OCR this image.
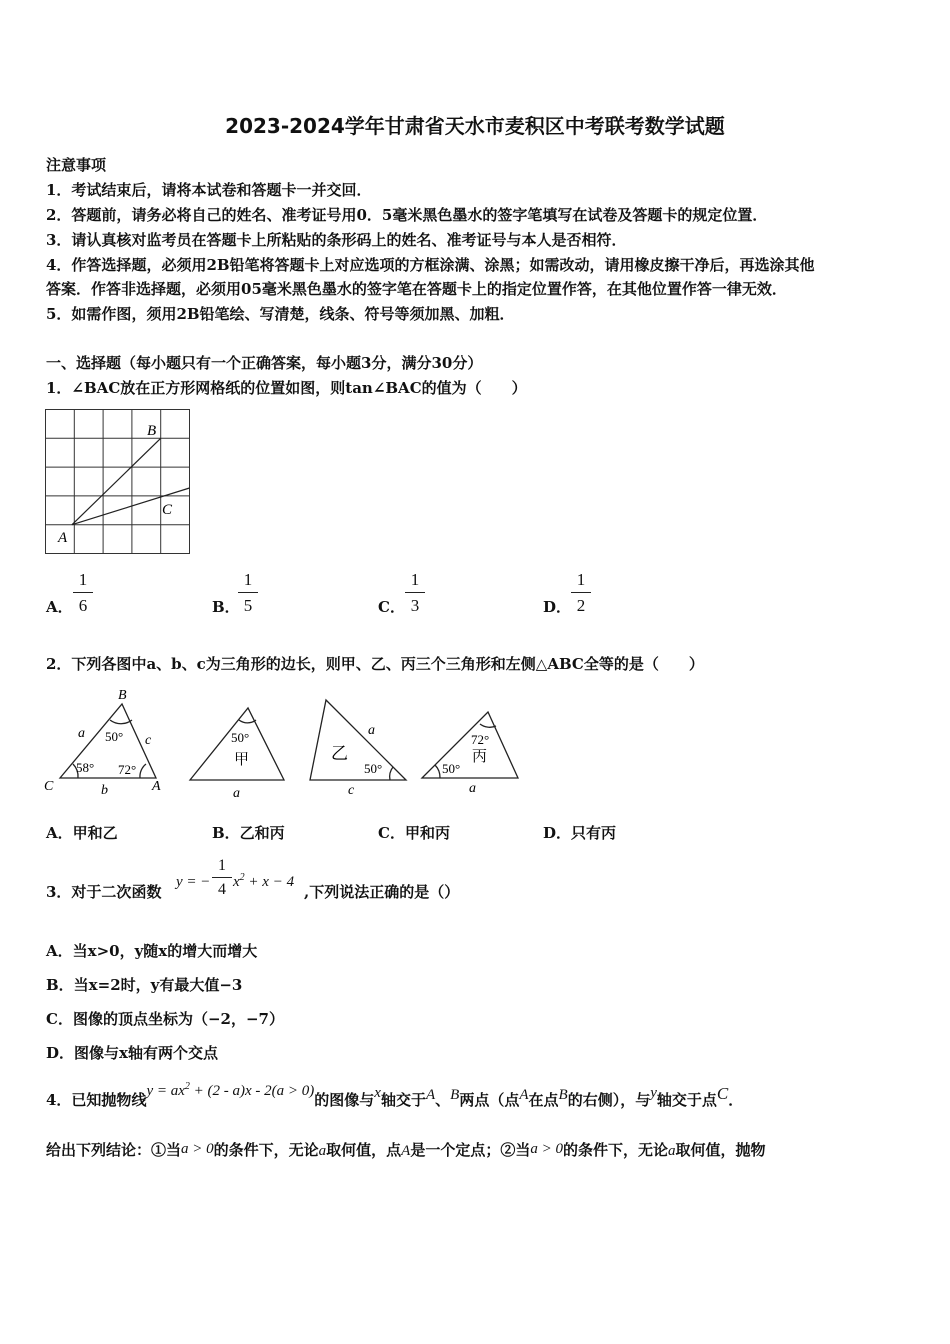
2023-2024学年甘肃省天水市麦积区中考联考数学试题
注意事项
1．考试结束后，请将本试卷和答题卡一并交回．
2．答题前，请务必将自己的姓名、准考证号用0．5毫米黑色墨水的签字笔填写在试卷及答题卡的规定位置．
3．请认真核对监考员在答题卡上所粘贴的条形码上的姓名、准考证号与本人是否相符．
4．作答选择题，必须用2B铅笔将答题卡上对应选项的方框涂满、涂黑；如需改动，请用橡皮擦干净后，再选涂其他
答案．作答非选择题，必须用05毫米黑色墨水的签字笔在答题卡上的指定位置作答，在其他位置作答一律无效．
5．如需作图，须用2B铅笔绘、写清楚，线条、符号等须加黑、加粗．
一、选择题（每小题只有一个正确答案，每小题3分，满分30分）
1．∠BAC放在正方形网格纸的位置如图，则tan∠BAC的值为（　　）
B
C
A
A． $\frac{1}{6}$	B．
$\frac{1}{5}$	C． $\frac{1}{3}$	D． $\frac{1}{2}$
2．下列各图中a、b、c为三角形的边长，则甲、乙、丙三个三角形和左侧△ABC全等的是（　　）
B
C	A
a	c
b
50°
58° 72°
50°
甲
a
a
乙
50°
c
72°
丙
50°
a
A．甲和乙	B．乙和丙	C．甲和丙	D．只有丙
3．对于二次函数
y = − $\frac{1}{4} x^2 + x - 4$
,下列说法正确的是（）
A．当x>0，y随x的增大而增大
B．当x=2时，y有最大值−3
C．图像的顶点坐标为（−2，−7）
D．图像与x轴有两个交点
4．已知抛物线$y = ax^2 + (2 - a)x - 2(a > 0)$的图像与x轴交于A、B两点（点A在点B的右侧），与y轴交于点C．
给出下列结论：①当a > 0的条件下，无论a取何值，点A是一个定点；②当a > 0的条件下，无论a取何值，抛物
